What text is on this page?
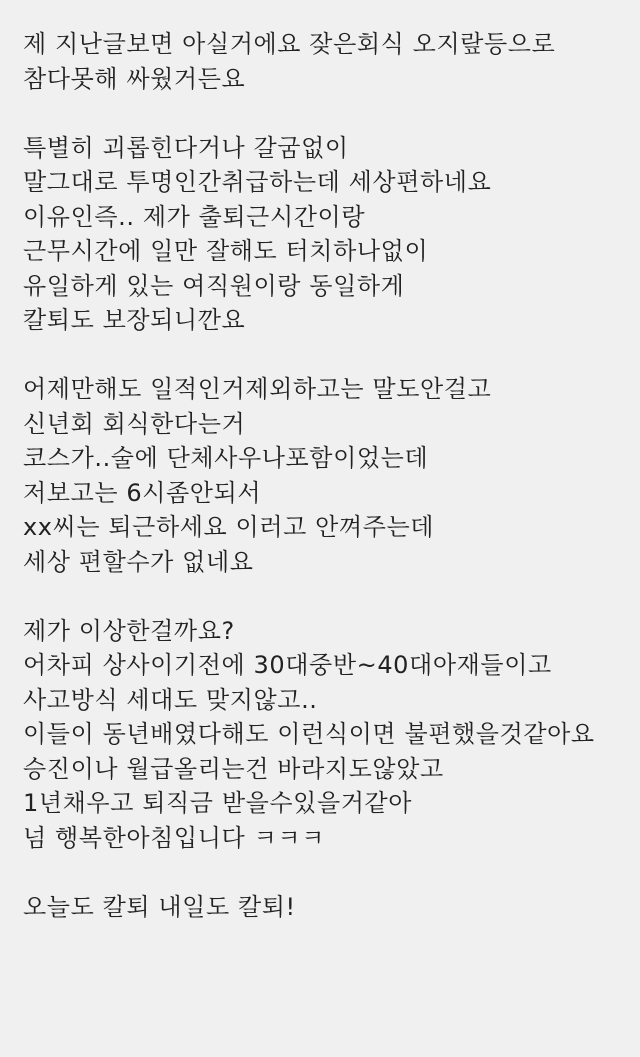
제 지난글보면 아실거에요 잦은회식 오지랖등으로
참다못해 싸웠거든요
특별히 괴롭힌다거나 갈굼없이
말그대로 투명인간취급하는데 세상편하네요
이유인즉.. 제가 출퇴근시간이랑
근무시간에 일만 잘해도 터치하나없이
유일하게 있는 여직원이랑 동일하게
칼퇴도 보장되니깐요
어제만해도 일적인거제외하고는 말도안걸고
신년회 회식한다는거
코스가..술에 단체사우나포함이었는데
저보고는 6시좀안되서
xx씨는 퇴근하세요 이러고 안껴주는데
세상 편할수가 없네요
제가 이상한걸까요?
어차피 상사이기전에 30대중반~40대아재들이고
사고방식 세대도 맞지않고..
이들이 동년배였다해도 이런식이면 불편했을것같아요
승진이나 월급올리는건 바라지도않았고
1년채우고 퇴직금 받을수있을거같아
넘 행복한아침입니다 ㅋㅋㅋ
오늘도 칼퇴 내일도 칼퇴!
